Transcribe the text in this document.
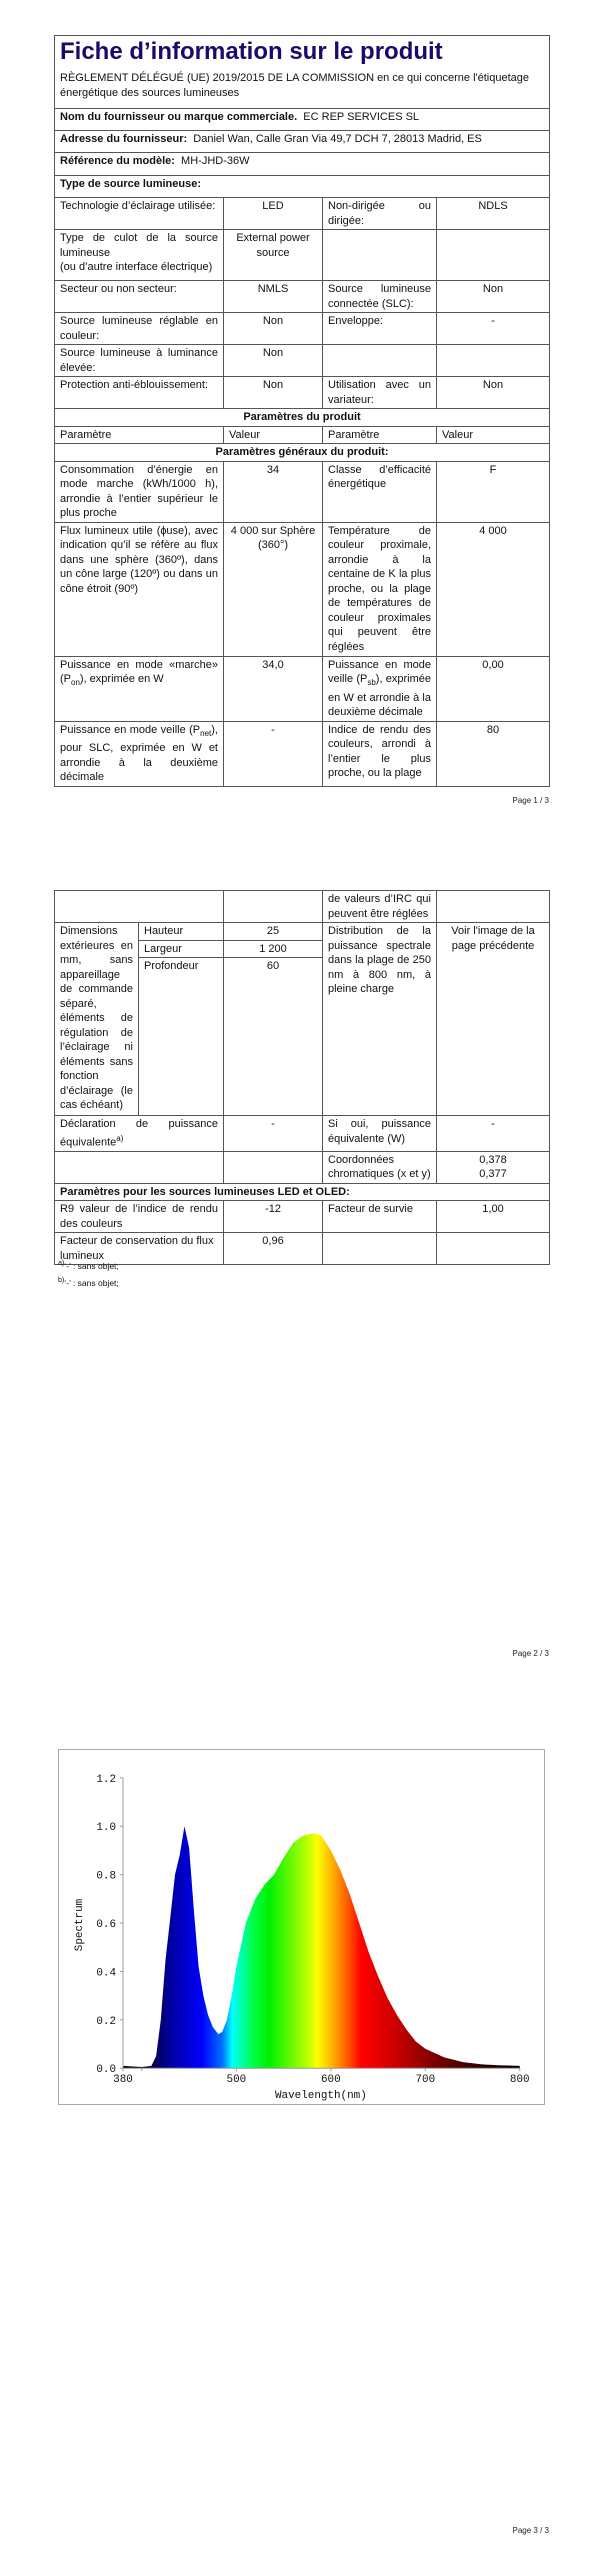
Fiche d’information sur le produit
RÈGLEMENT DÉLÉGUÉ (UE) 2019/2015 DE LA COMMISSION en ce qui concerne l'étiquetage énergétique des sources lumineuses			

Nom du fournisseur ou marque commerciale. EC REP SERVICES SL			
Adresse du fournisseur: Daniel Wan, Calle Gran Via 49,7 DCH 7, 28013 Madrid, ES			
Référence du modèle: MH-JHD-36W			
Type de source lumineuse:			
Technologie d’éclairage utilisée:	LED	Non-dirigée ou dirigée:	NDLS

Type de culot de la source lumineuse
(ou d’autre interface électrique)	External power source		
Secteur ou non secteur:	NMLS	Source lumineuse connectée (SLC):	Non
Source lumineuse réglable en couleur:	Non	Enveloppe:	-
Source lumineuse à luminance élevée:	Non		
Protection anti-éblouissement:	Non	Utilisation avec un variateur:	Non
Paramètres du produit			
Paramètre	Valeur	Paramètre	Valeur
Paramètres généraux du produit:			
Consommation d’énergie en mode marche (kWh/1000 h), arrondie à l’entier supérieur le plus proche	34	Classe d’efficacité énergétique	F
Flux lumineux utile (ɸuse), avec indication qu’il se réfère au flux dans une sphère (360º), dans un cône large (120º) ou dans un cône étroit (90º)	4 000 sur Sphère (360°)	Température de couleur proximale, arrondie à la centaine de K la plus proche, ou la plage de températures de couleur proximales qui peuvent être réglées	4 000
Puissance en mode «marche» $(P_{on})$, exprimée en W	34,0	Puissance en mode veille $(P_{sb})$, exprimée en W et arrondie à la deuxième décimale	0,00
Puissance en mode veille $(P_{net})$, pour SLC, exprimée en W et arrondie à la deuxième décimale	-	Indice de rendu des couleurs, arrondi à l’entier le plus proche, ou la plage	80
Page 1 / 3
			de valeurs d’IRC qui peuvent être réglées	
Dimensions extérieures en mm, sans appareillage de commande séparé, éléments de régulation de l’éclairage ni éléments sans fonction d’éclairage (le cas échéant)	Hauteur	25	Distribution de la puissance spectrale dans la plage de 250 nm à 800 nm, à pleine charge	Voir l'image de la page précédente
	Largeur	1 200		
	Profondeur	60		
Déclaration de puissance équivalente$^{a)}$		-	Si oui, puissance équivalente (W)	-
			Coordonnées chromatiques (x et y)	0,378
0,377

Paramètres pour les sources lumineuses LED et OLED:				
R9 valeur de l’indice de rendu des couleurs		-12	Facteur de survie	1,00
Facteur de conservation du flux lumineux		0,96		
$^{a)}$‘-’ : sans objet;
$^{b)}$‘-’ : sans objet;
Page 2 / 3
0.0
0.2
0.4
0.6
0.8
1.0
1.2
380	500	600	700	800
Wavelength(nm)
Spectrum
Page 3 / 3
